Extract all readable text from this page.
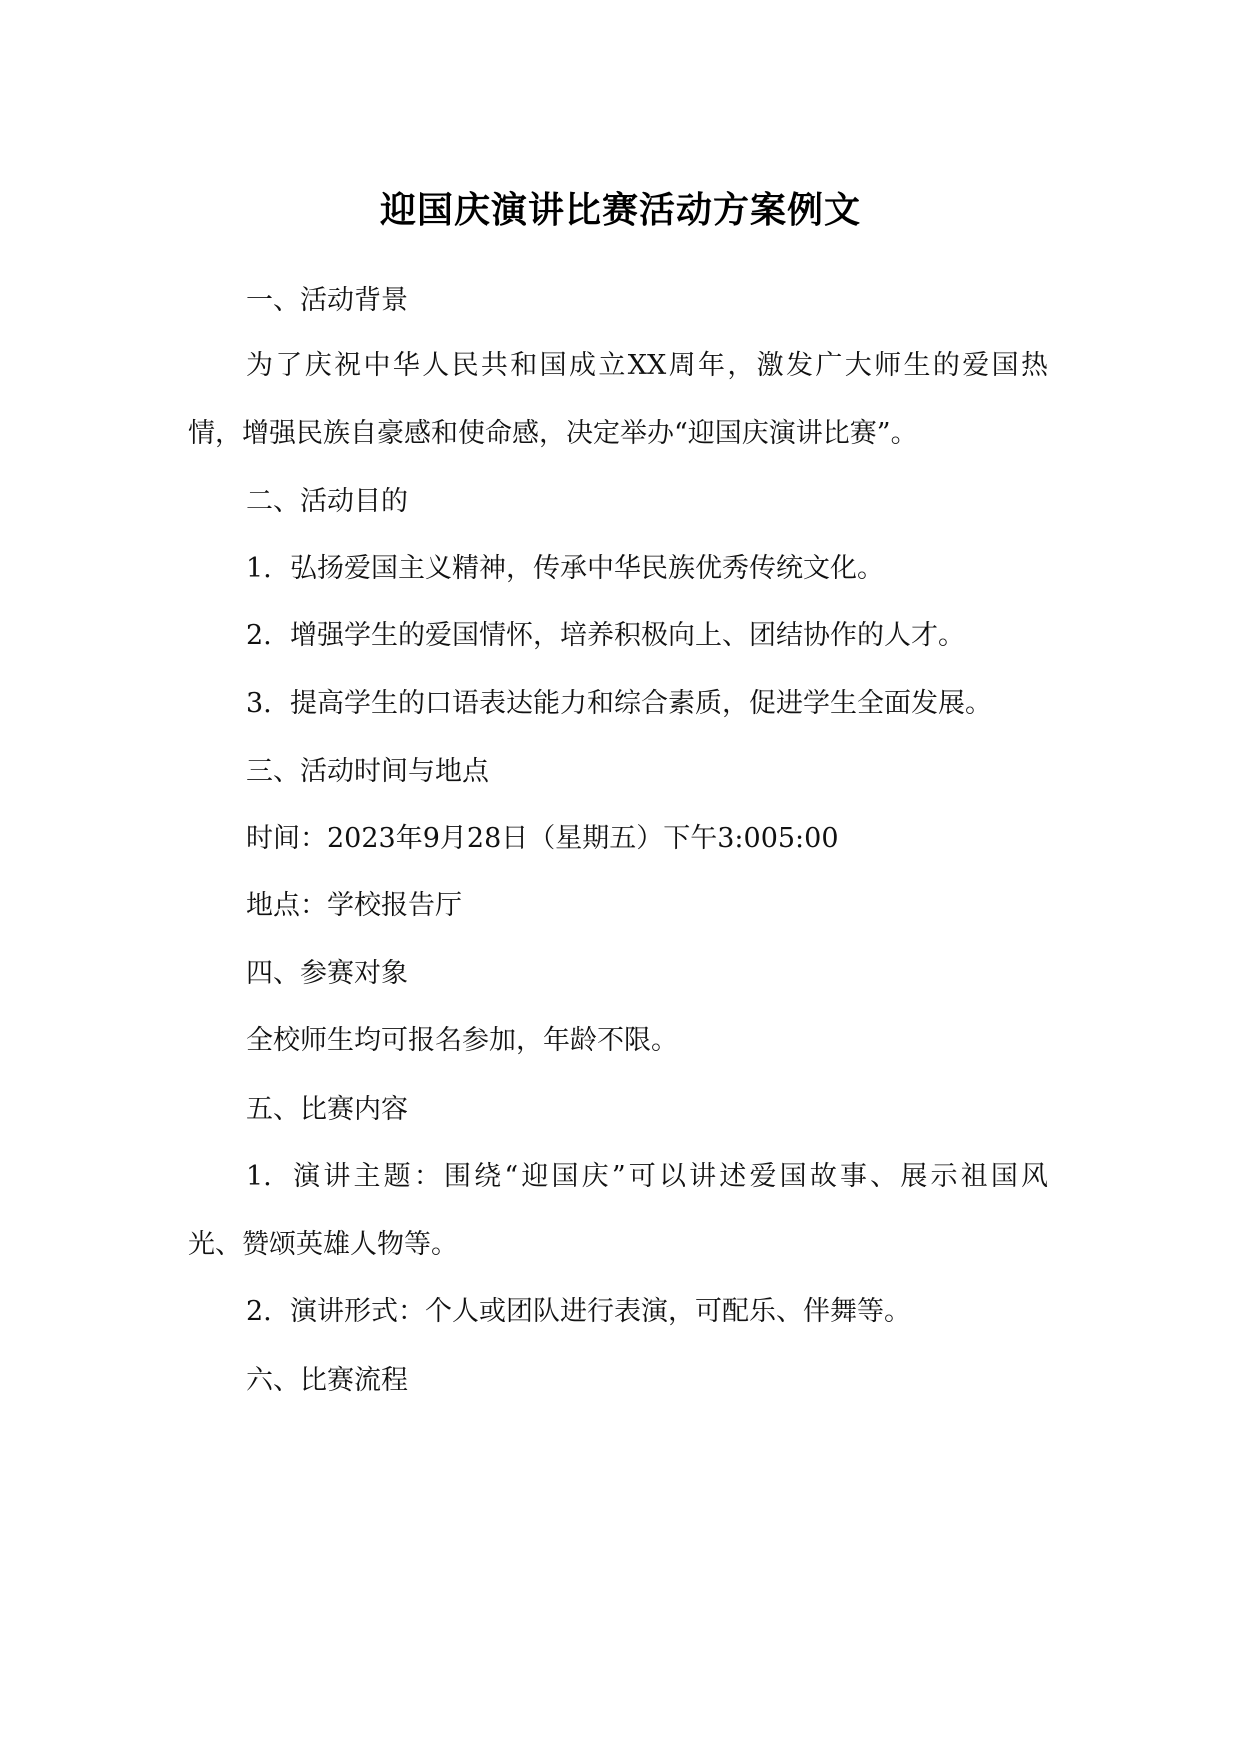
迎国庆演讲比赛活动方案例文
一、活动背景
为了庆祝中华人民共和国成立XX周年，激发广大师生的爱国热
情，增强民族自豪感和使命感，决定举办“迎国庆演讲比赛”。
二、活动目的
1. 弘扬爱国主义精神，传承中华民族优秀传统文化。
2. 增强学生的爱国情怀，培养积极向上、团结协作的人才。
3. 提高学生的口语表达能力和综合素质，促进学生全面发展。
三、活动时间与地点
时间：2023年9月28日（星期五）下午3:005:00
地点：学校报告厅
四、参赛对象
全校师生均可报名参加，年龄不限。
五、比赛内容
1. 演讲主题：围绕“迎国庆”可以讲述爱国故事、展示祖国风
光、赞颂英雄人物等。
2. 演讲形式：个人或团队进行表演，可配乐、伴舞等。
六、比赛流程
